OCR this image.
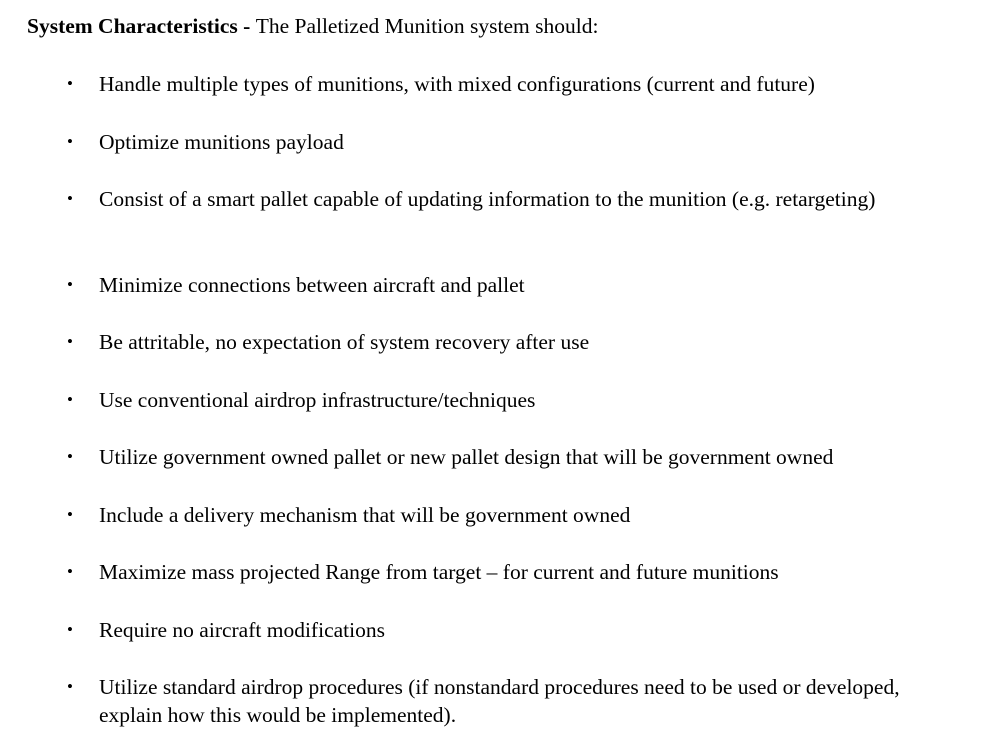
System Characteristics - The Palletized Munition system should:
• Handle multiple types of munitions, with mixed configurations (current and future)
• Optimize munitions payload
• Consist of a smart pallet capable of updating information to the munition (e.g. retargeting)
• Minimize connections between aircraft and pallet
• Be attritable, no expectation of system recovery after use
• Use conventional airdrop infrastructure/techniques
• Utilize government owned pallet or new pallet design that will be government owned
• Include a delivery mechanism that will be government owned
• Maximize mass projected Range from target – for current and future munitions
• Require no aircraft modifications
• Utilize standard airdrop procedures (if nonstandard procedures need to be used or developed, explain how this would be implemented).
